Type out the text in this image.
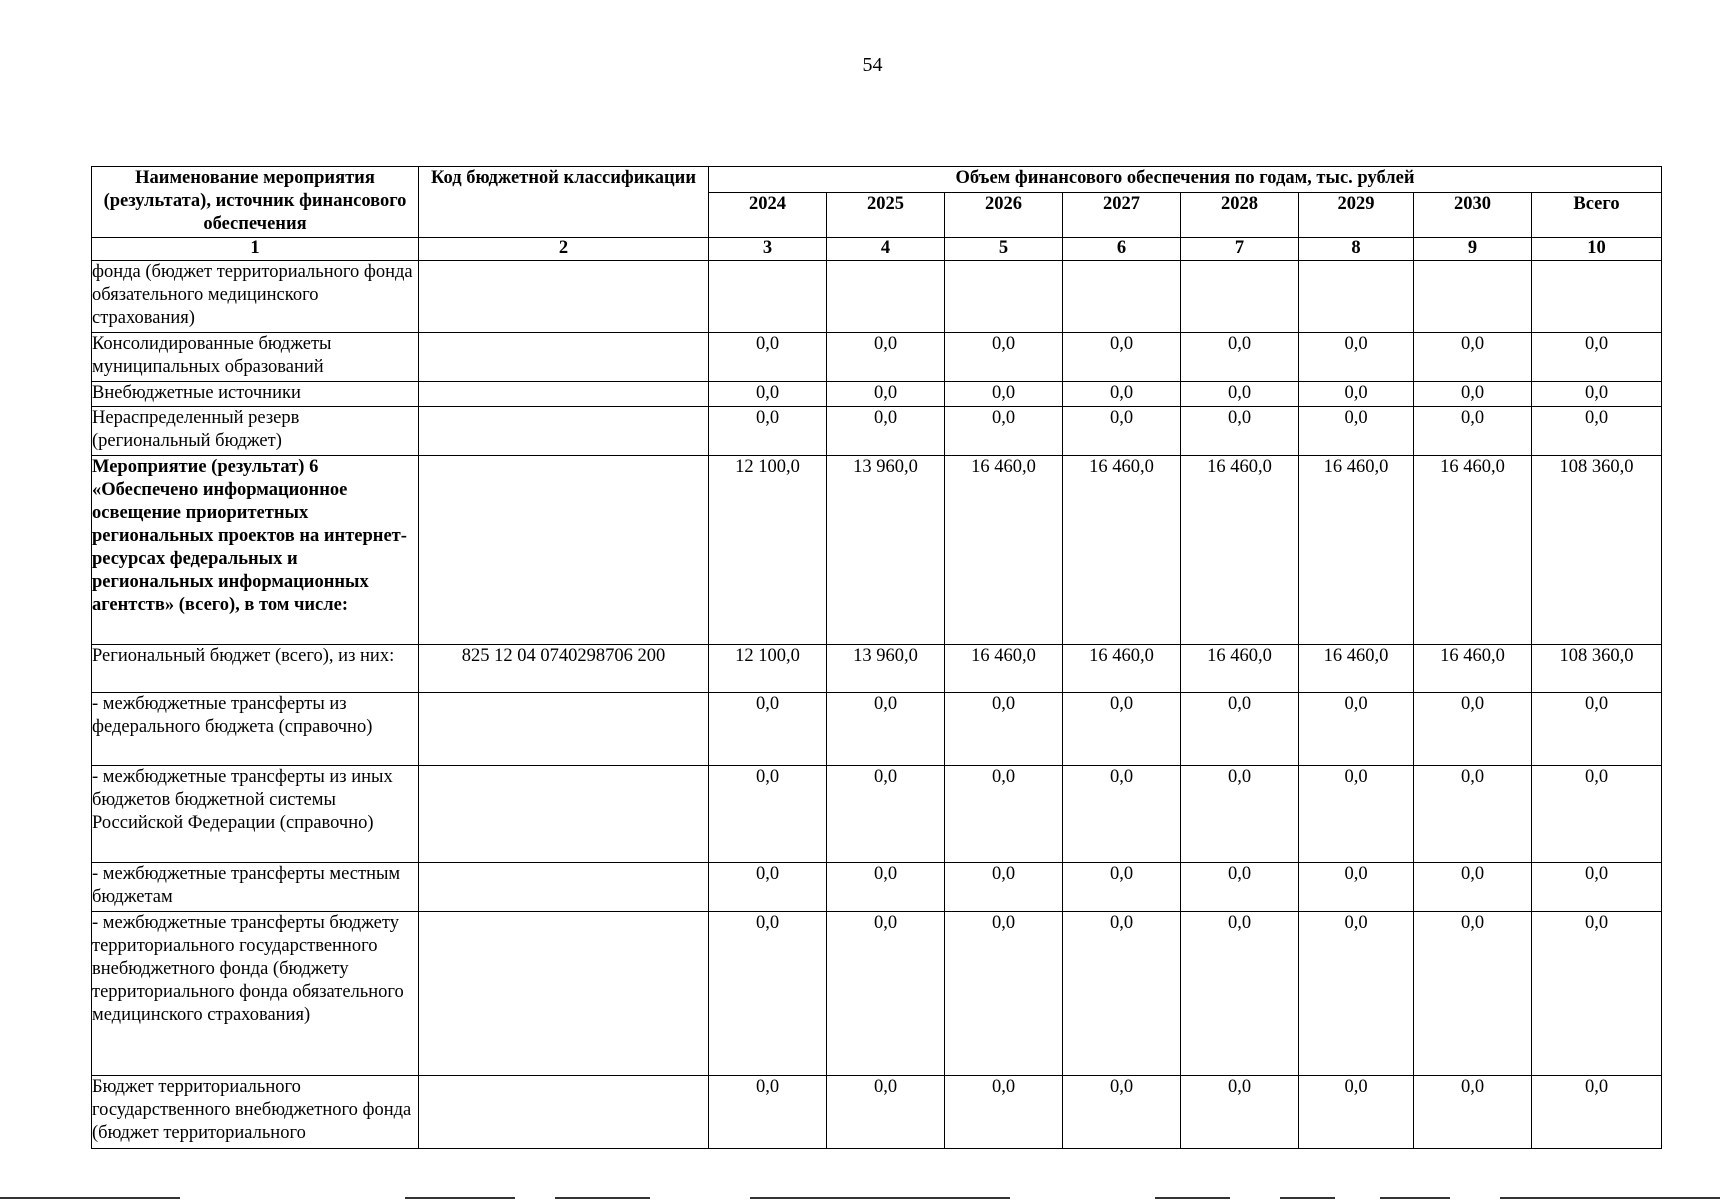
54
Наименование мероприятия (результата), источник финансового обеспечения	Код бюджетной классификации	Объем финансового обеспечения по годам, тыс. рублей							
		2024	2025	2026	2027	2028	2029	2030	Всего
1	2	3	4	5	6	7	8	9	10
фонда (бюджет территориального фонда обязательного медицинского страхования)									
Консолидированные бюджеты муниципальных образований		0,0	0,0	0,0	0,0	0,0	0,0	0,0	0,0
Внебюджетные источники		0,0	0,0	0,0	0,0	0,0	0,0	0,0	0,0
Нераспределенный резерв (региональный бюджет)		0,0	0,0	0,0	0,0	0,0	0,0	0,0	0,0
Мероприятие (результат) 6 «Обеспечено информационное освещение приоритетных региональных проектов на интернет-ресурсах федеральных и региональных информационных агентств» (всего), в том числе:		12 100,0	13 960,0	16 460,0	16 460,0	16 460,0	16 460,0	16 460,0	108 360,0
Региональный бюджет (всего), из них:	825 12 04 0740298706 200	12 100,0	13 960,0	16 460,0	16 460,0	16 460,0	16 460,0	16 460,0	108 360,0
- межбюджетные трансферты из федерального бюджета (справочно)		0,0	0,0	0,0	0,0	0,0	0,0	0,0	0,0
- межбюджетные трансферты из иных бюджетов бюджетной системы Российской Федерации (справочно)		0,0	0,0	0,0	0,0	0,0	0,0	0,0	0,0
- межбюджетные трансферты местным бюджетам		0,0	0,0	0,0	0,0	0,0	0,0	0,0	0,0
- межбюджетные трансферты бюджету территориального государственного внебюджетного фонда (бюджету территориального фонда обязательного медицинского страхования)		0,0	0,0	0,0	0,0	0,0	0,0	0,0	0,0
Бюджет территориального государственного внебюджетного фонда (бюджет территориального		0,0	0,0	0,0	0,0	0,0	0,0	0,0	0,0
